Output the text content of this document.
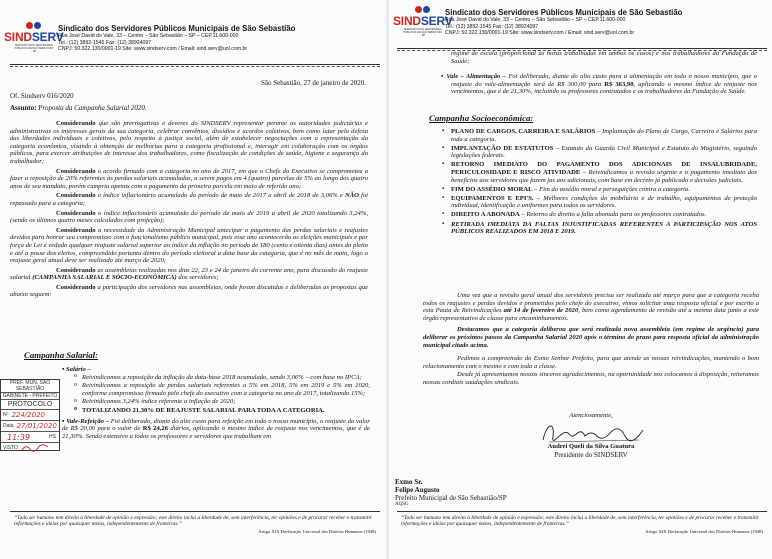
SINDSERV
SINDICATO DOS SERVIDORES PÚBLICOS DE SÃO SEBASTIÃO - SP
Sindicato dos Servidores Públicos Municipais de São Sebastião
Rua José David do Vale, 33 – Centro – São Sebastião – SP – CEP.11.600-000
Tel.: (12) 3892-1545 Fax: (12) 38924097
CNPJ: 50.322.130/0001-19 Site: www.sindserv.com / Email: sind.serv@uol.com.br
São Sebastião, 27 de janeiro de 2020.
Of. Sindserv 016/2020
Assunto: Proposta da Campanha Salarial 2020.

Considerando que são prerrogativas e deveres do SINDSERV representar perante as autoridades judiciárias e administrativas os interesses gerais da sua categoria, celebrar convênios, dissídios e acordos coletivos, bem como lutar pela defesa das liberdades individuais e coletivas, pelo respeito à justiça social, além de estabelecer negociações com a representação da categoria econômica, visando à obtenção de melhorias para a categoria profissional e, interagir em colaboração com os órgãos públicos, para exercer atribuições de interesse dos trabalhadores, como fiscalização de condições de saúde, higiene e segurança do trabalhador;

Considerando o acordo firmado com a categoria no ano de 2017, em que o Chefe do Executivo se comprometeu a fazer a reposição de 20% referentes às perdas salariais acumuladas, a serem pagos em 4 (quatro) parcelas de 5% ao longo dos quatro anos de seu mandato, porém cumpriu apenas com o pagamento da primeira parcela em maio de referido ano;

Considerando o índice inflacionário acumulado do período de maio de 2017 a abril de 2018 de 3,06% e NÃO foi repassado para a categoria;

Considerando o índice inflacionário acumulado do período de maio de 2019 a abril de 2020 totalizando 3,24%, (sendo os últimos quatro meses calculados com projeção);

Considerando a necessidade da Administração Municipal antecipar o pagamento das perdas salariais e reajustes devidos para honrar seu compromisso com o funcionalismo público municipal, pois esse ano acontecerão as eleições municipais e por força de Lei é vedado qualquer reajuste salarial superior ao índice da inflação no período de 180 (cento e oitenta dias) antes do pleito e até a posse dos eleitos, compreendido portanto dentro do período eleitoral a data base da categoria, que é no mês de maio, logo o reajuste geral anual deve ser realizado até março de 2020;

Considerando as assembleias realizadas nos dias 22, 23 e 24 de janeiro do corrente ano, para discussão do reajuste salarial (CAMPANHA SALARIAL E SÓCIO-ECONÔMICA) dos servidores;

Considerando a participação dos servidores nas assembleias, onde foram discutidas e deliberadas as propostas que abaixo seguem:

Campanha Salarial:
▪ Salário –
o Reivindicamos a reposição da inflação da data-base 2018 acumulado, sendo 3,06% – com base no IPCA;
o Reivindicamos a reposição de perdas salariais referentes a 5% em 2018, 5% em 2019 e 5% em 2020, conforme compromisso firmado pelo chefe do executivo com a categoria no ano de 2017, totalizando 15%;
o Reivindicamos 3,24% índice referente a inflação de 2020;
o TOTALIZANDO 21,30% DE REAJUSTE SALARIAL PARA TODA A CATEGORIA.
▪ Vale-Refeição – Foi deliberado, diante do alto custo para refeição em todo o nosso município, o reajuste do valor de R$ 20,00 para o valor de R$ 24,26 diários, aplicando o mesmo índice de reajuste nos vencimentos, que é de 21,30%. Sendo extensivo a todos os professores e servidores que trabalham em
“Todo ser humano tem direito à liberdade de opinião e expressão; este direito inclui a liberdade de, sem interferência, ter opiniões e de procurar receber e transmitir informações e ideias por quaisquer meios, independentemente de fronteiras.”
Artigo XIX Declaração Universal dos Direitos Humanos (1948)
PREF. MUN. SÃO SEBASTIÃO
GABINETE - PREFEITO
PROTOCOLO
Nº 224/2020
Data 27/01/2020
11:39	HS
VISTO
SINDSERV
SINDICATO DOS SERVIDORES PÚBLICOS DE SÃO SEBASTIÃO - SP
Sindicato dos Servidores Públicos Municipais de São Sebastião
Rua José David do Vale, 33 – Centro – São Sebastião – SP – CEP.11.600-000
Tel.: (12) 3892-1545 Fax: (12) 38924097
CNPJ: 50.322.130/0001-19 Site: www.sindserv.com / Email: sind.serv@uol.com.br
regime de escala (proporcional às horas trabalhadas em ambos os casos) e nos trabalhadores da Fundação de Saúde;
▪ Vale – Alimentação – Foi deliberado, diante do alto custo para a alimentação em todo o nosso município, que o reajuste do vale-alimentação será de R$ 300,00 para R$ 363,90, aplicando o mesmo índice de reajuste nos vencimentos, que é de 21,30%, incluindo os professores contratados e os trabalhadores da Fundação de Saúde.
Campanha Socioeconômica:
▪ PLANO DE CARGOS, CARREIRA E SALÁRIOS – Implantação do Plano de Cargo, Carreira e Salários para toda a categoria.
▪ IMPLANTAÇÃO DE ESTATUTOS – Estatuto da Guarda Civil Municipal e Estatuto do Magistério, seguindo legislações federais.
▪ RETORNO IMEDIATO DO PAGAMENTO DOS ADICIONAIS DE INSALUBRIDADE, PERICULOSIDADE E RISCO ATIVIDADE – Reivindicamos a revisão urgente e o pagamento imediato dos benefícios aos servidores que fazem jus aos adicionais, com base em decreto já publicado e decisões judiciais.
▪ FIM DO ASSÉDIO MORAL – Fim do assédio moral e perseguições contra a categoria.
▪ EQUIPAMENTOS E EPI'S. – Melhores condições do mobiliário e de trabalho, equipamentos de proteção individual, identificação e uniformes para todos os servidores.
▪ DIREITO A ABONADA – Retorno do direito a falta abonada para os professores contratados.
▪ RETIRADA IMEDIATA DA FALTAS INJUSTIFICADAS REFERENTES A PARTICIPAÇÃO NOS ATOS PÚBLICOS REALIZADOS EM 2018 E 2019.

Uma vez que a revisão geral anual dos servidores precisa ser realizada até março para que a categoria receba todos os reajustes e perdas devidos e prometidos pelo chefe do executivo, vimos solicitar uma resposta oficial e por escrito a esta Pauta de Reivindicações até 14 de fevereiro de 2020, bem como agendamento de revisão até a mesma data junto a este órgão representativo de classe para encaminhamentos.

Destacamos que a categoria deliberou que será realizada nova assembleia (em regime de urgência) para deliberar os próximos passos da Campanha Salarial 2020 após o término do prazo para resposta oficial da administração municipal citado acima.

Pedimos a compreensão do Exmo Senhor Prefeito, para que atende as nossas reivindicações, mantendo o bom relacionamento com o mesmo e com toda a classe.

Desde já apresentamos nossos sinceros agradecimentos, na oportunidade nos colocamos à disposição, reiteramos nossas cordiais saudações sindicais.

Atenciosamente,
Audrei Queli da Silva Guatura
Presidente do SINDSERV
Exmo Sr.
Felipe Augusto
Prefeito Municipal de São Sebastião/SP
AQSG
“Todo ser humano tem direito à liberdade de opinião e expressão; este direito inclui a liberdade de, sem interferência, ter opiniões e de procurar receber e transmitir informações e ideias por quaisquer meios, independentemente de fronteiras.”
Artigo XIX Declaração Universal dos Direitos Humanos (1948)
